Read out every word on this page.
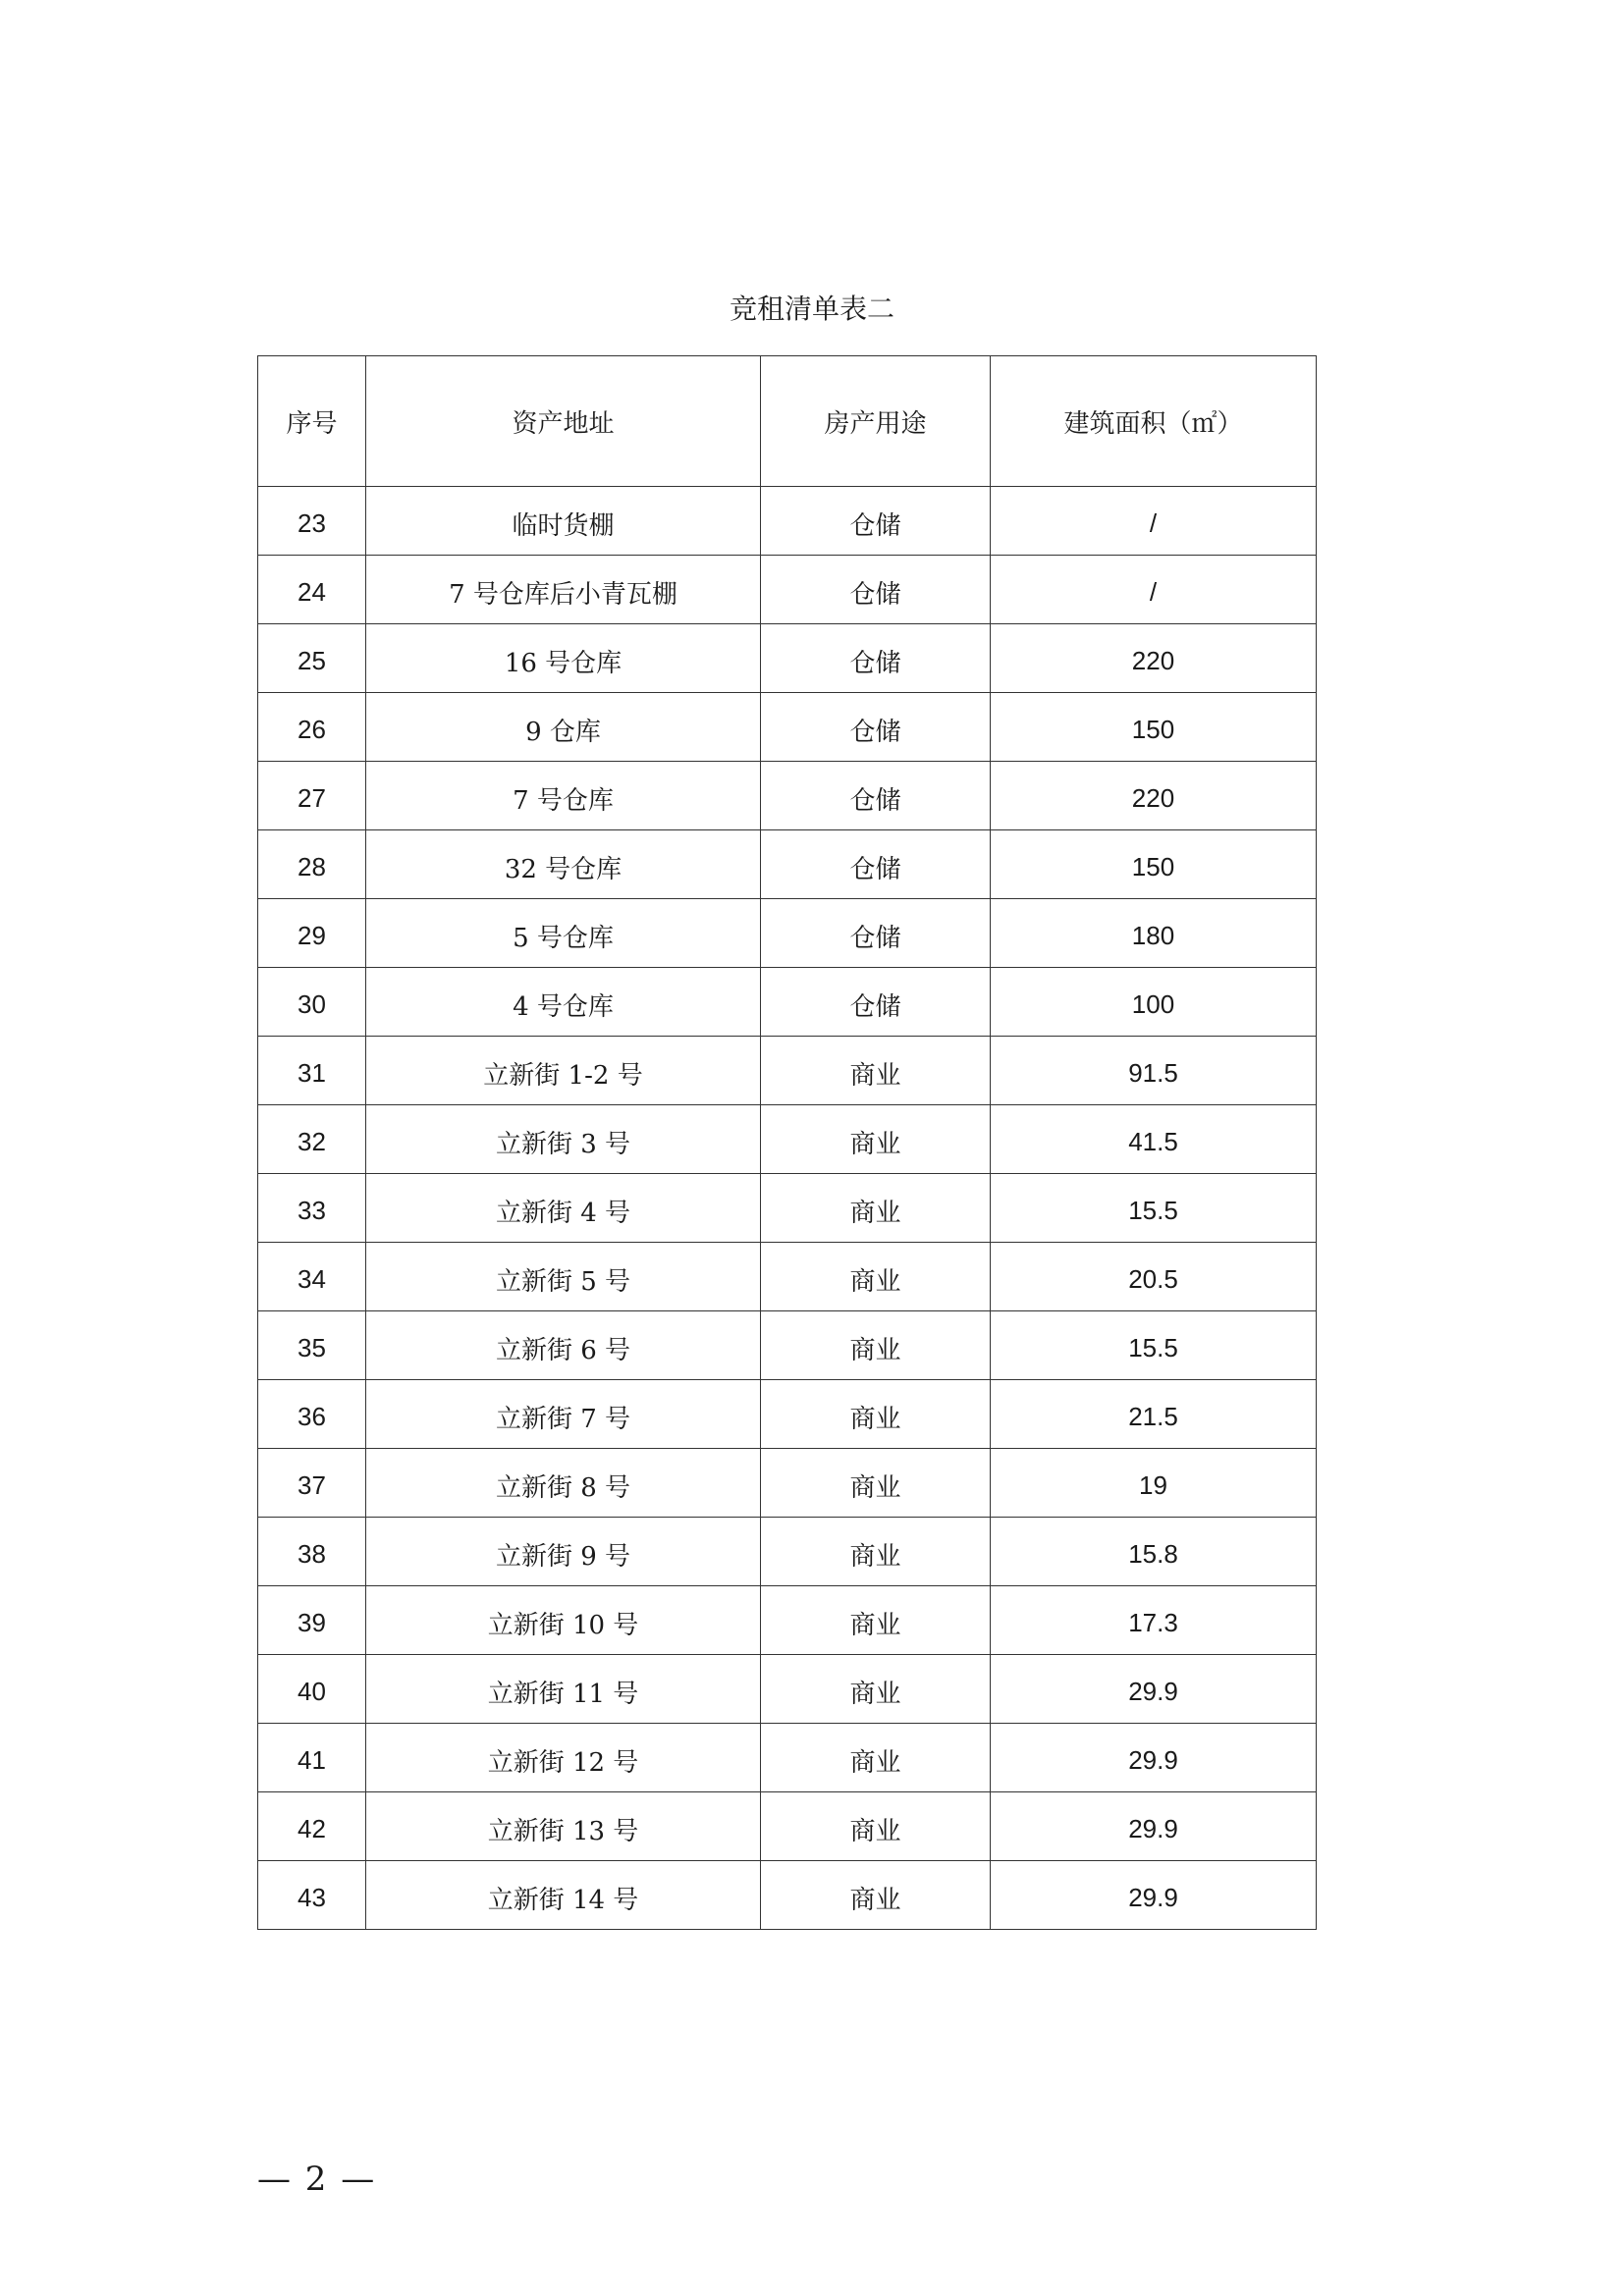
竞租清单表二
序号	资产地址	房产用途	建筑面积（㎡）
23	临时货棚	仓储	/
24	7 号仓库后小青瓦棚	仓储	/
25	16 号仓库	仓储	220
26	9 仓库	仓储	150
27	7 号仓库	仓储	220
28	32 号仓库	仓储	150
29	5 号仓库	仓储	180
30	4 号仓库	仓储	100
31	立新街 1-2 号	商业	91.5
32	立新街 3 号	商业	41.5
33	立新街 4 号	商业	15.5
34	立新街 5 号	商业	20.5
35	立新街 6 号	商业	15.5
36	立新街 7 号	商业	21.5
37	立新街 8 号	商业	19
38	立新街 9 号	商业	15.8
39	立新街 10 号	商业	17.3
40	立新街 11 号	商业	29.9
41	立新街 12 号	商业	29.9
42	立新街 13 号	商业	29.9
43	立新街 14 号	商业	29.9
— 2 —
